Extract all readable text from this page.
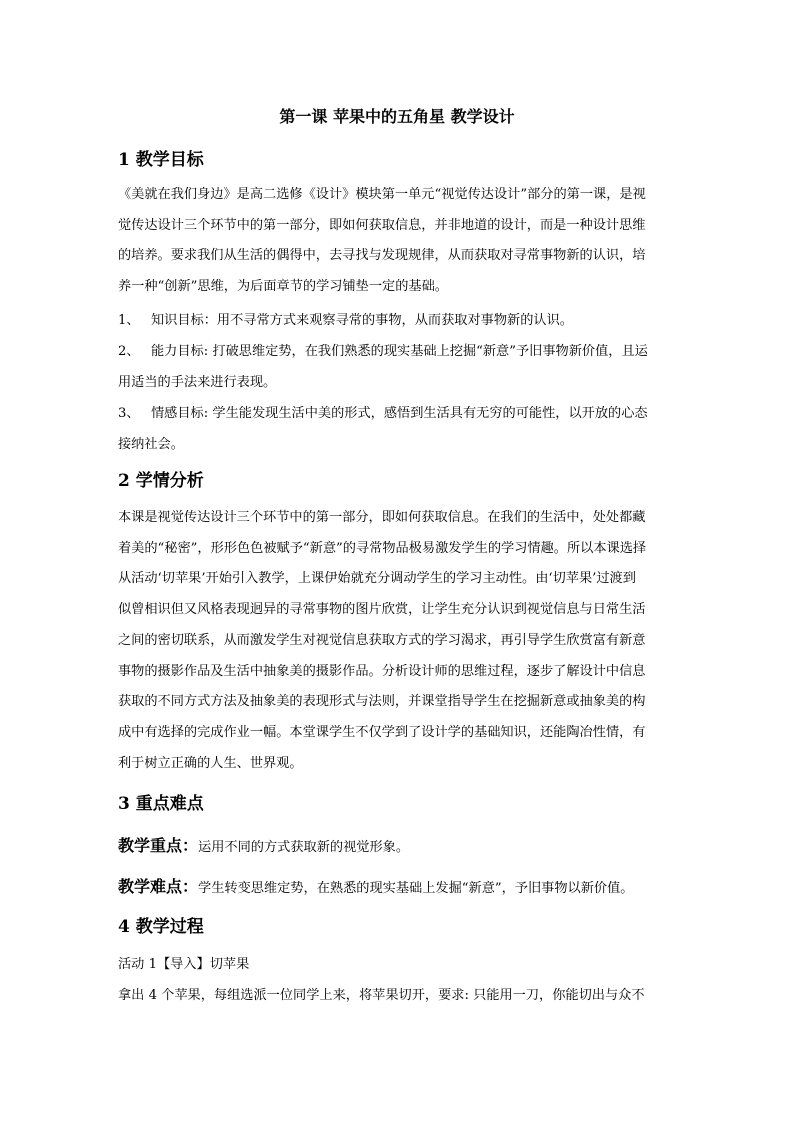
第一课 苹果中的五角星 教学设计
1 教学目标
《美就在我们身边》是高二选修《设计》模块第一单元“视觉传达设计”部分的第一课，是视
觉传达设计三个环节中的第一部分，即如何获取信息，并非地道的设计，而是一种设计思维
的培养。要求我们从生活的偶得中，去寻找与发现规律，从而获取对寻常事物新的认识，培
养一种“创新”思维，为后面章节的学习铺垫一定的基础。
1、 知识目标：用不寻常方式来观察寻常的事物，从而获取对事物新的认识。
2、 能力目标: 打破思维定势，在我们熟悉的现实基础上挖掘“新意”予旧事物新价值，且运
用适当的手法来进行表现。
3、 情感目标: 学生能发现生活中美的形式，感悟到生活具有无穷的可能性，以开放的心态
接纳社会。
2 学情分析
本课是视觉传达设计三个环节中的第一部分，即如何获取信息。在我们的生活中，处处都藏
着美的“秘密”，形形色色被赋予“新意”的寻常物品极易激发学生的学习情趣。所以本课选择
从活动‘切苹果’开始引入教学，上课伊始就充分调动学生的学习主动性。由‘切苹果’过渡到
似曾相识但又风格表现迥异的寻常事物的图片欣赏，让学生充分认识到视觉信息与日常生活
之间的密切联系，从而激发学生对视觉信息获取方式的学习渴求，再引导学生欣赏富有新意
事物的摄影作品及生活中抽象美的摄影作品。分析设计师的思维过程，逐步了解设计中信息
获取的不同方式方法及抽象美的表现形式与法则，并课堂指导学生在挖掘新意或抽象美的构
成中有选择的完成作业一幅。本堂课学生不仅学到了设计学的基础知识，还能陶冶性情，有
利于树立正确的人生、世界观。
3 重点难点
教学重点：运用不同的方式获取新的视觉形象。
教学难点：学生转变思维定势，在熟悉的现实基础上发掘“新意”，予旧事物以新价值。
4 教学过程
活动 1【导入】切苹果
拿出 4 个苹果，每组选派一位同学上来，将苹果切开，要求: 只能用一刀，你能切出与众不
